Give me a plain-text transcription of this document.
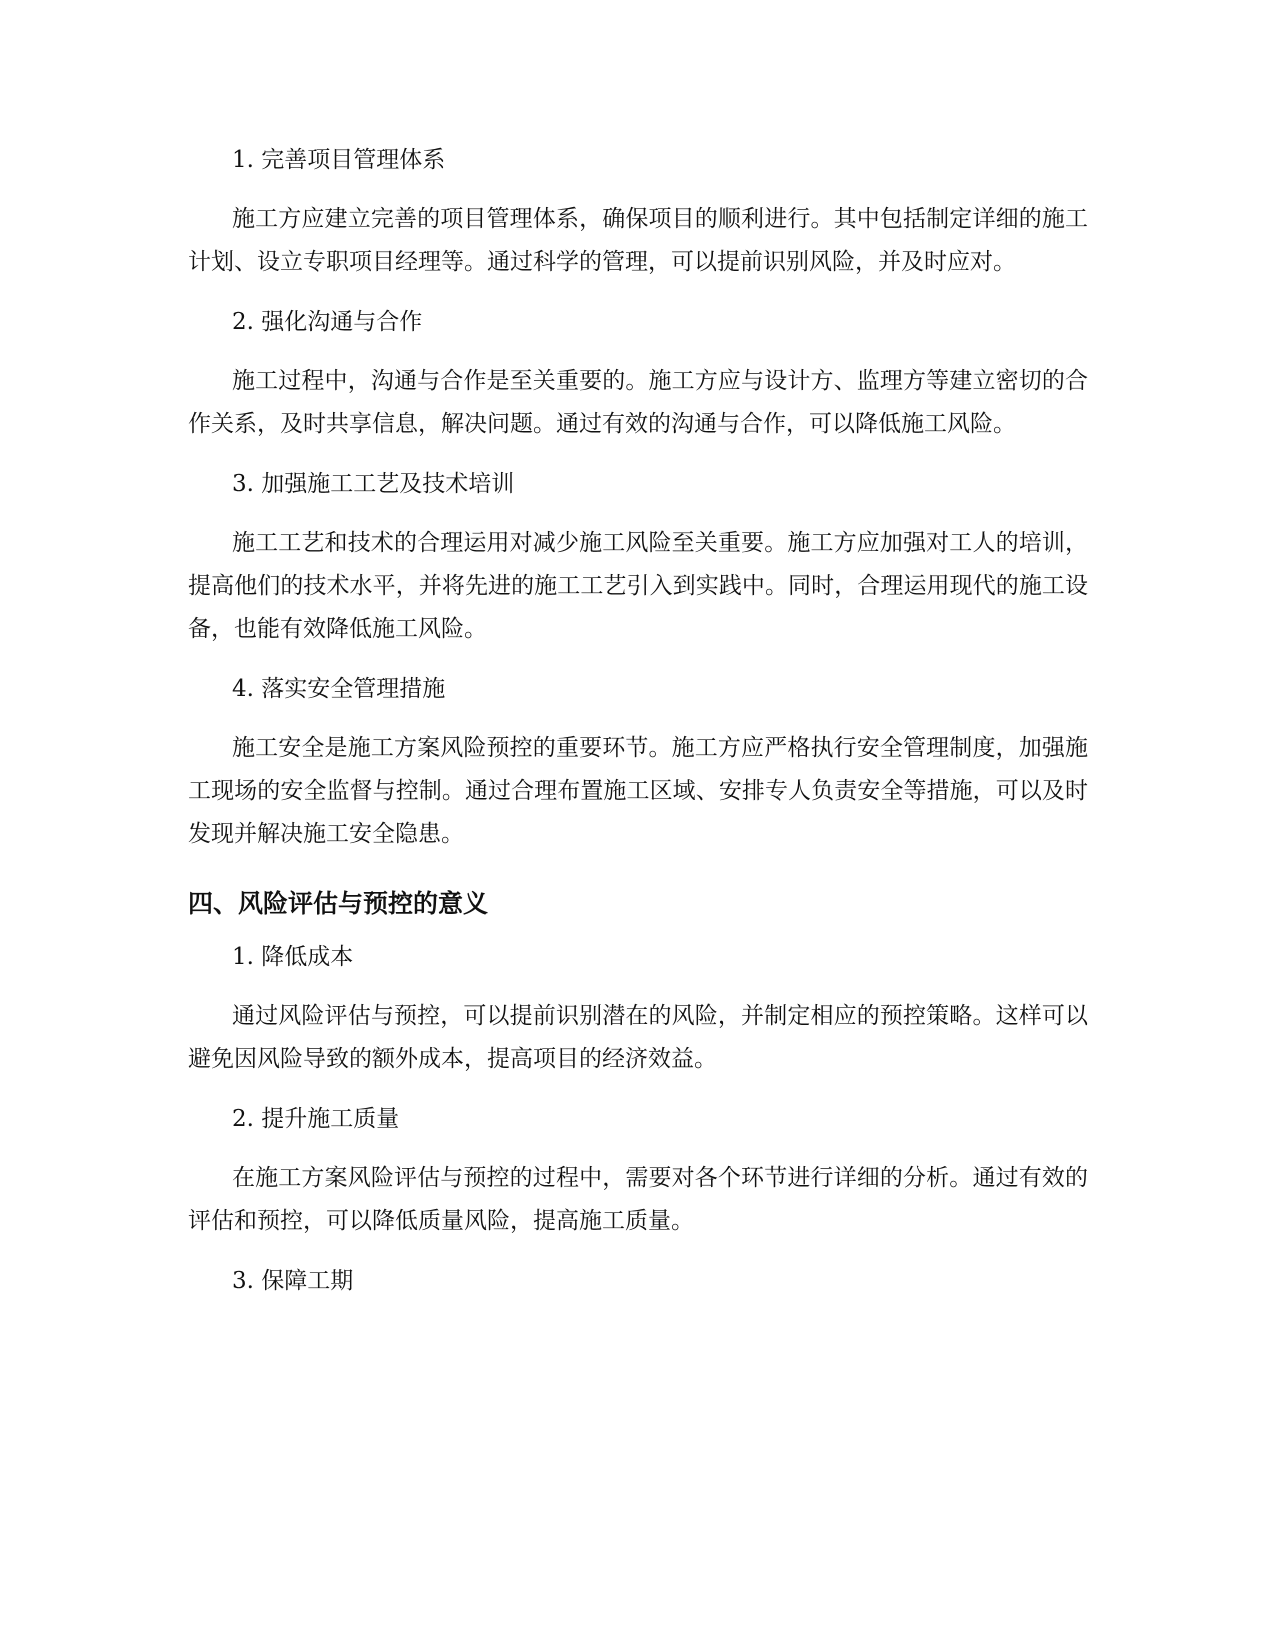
1. 完善项目管理体系

施工方应建立完善的项目管理体系，确保项目的顺利进行。其中包括制定详细的施工计划、设立专职项目经理等。通过科学的管理，可以提前识别风险，并及时应对。

2. 强化沟通与合作

施工过程中，沟通与合作是至关重要的。施工方应与设计方、监理方等建立密切的合作关系，及时共享信息，解决问题。通过有效的沟通与合作，可以降低施工风险。

3. 加强施工工艺及技术培训

施工工艺和技术的合理运用对减少施工风险至关重要。施工方应加强对工人的培训，提高他们的技术水平，并将先进的施工工艺引入到实践中。同时，合理运用现代的施工设备，也能有效降低施工风险。

4. 落实安全管理措施

施工安全是施工方案风险预控的重要环节。施工方应严格执行安全管理制度，加强施工现场的安全监督与控制。通过合理布置施工区域、安排专人负责安全等措施，可以及时发现并解决施工安全隐患。

四、风险评估与预控的意义
1. 降低成本

通过风险评估与预控，可以提前识别潜在的风险，并制定相应的预控策略。这样可以避免因风险导致的额外成本，提高项目的经济效益。

2. 提升施工质量

在施工方案风险评估与预控的过程中，需要对各个环节进行详细的分析。通过有效的评估和预控，可以降低质量风险，提高施工质量。

3. 保障工期
